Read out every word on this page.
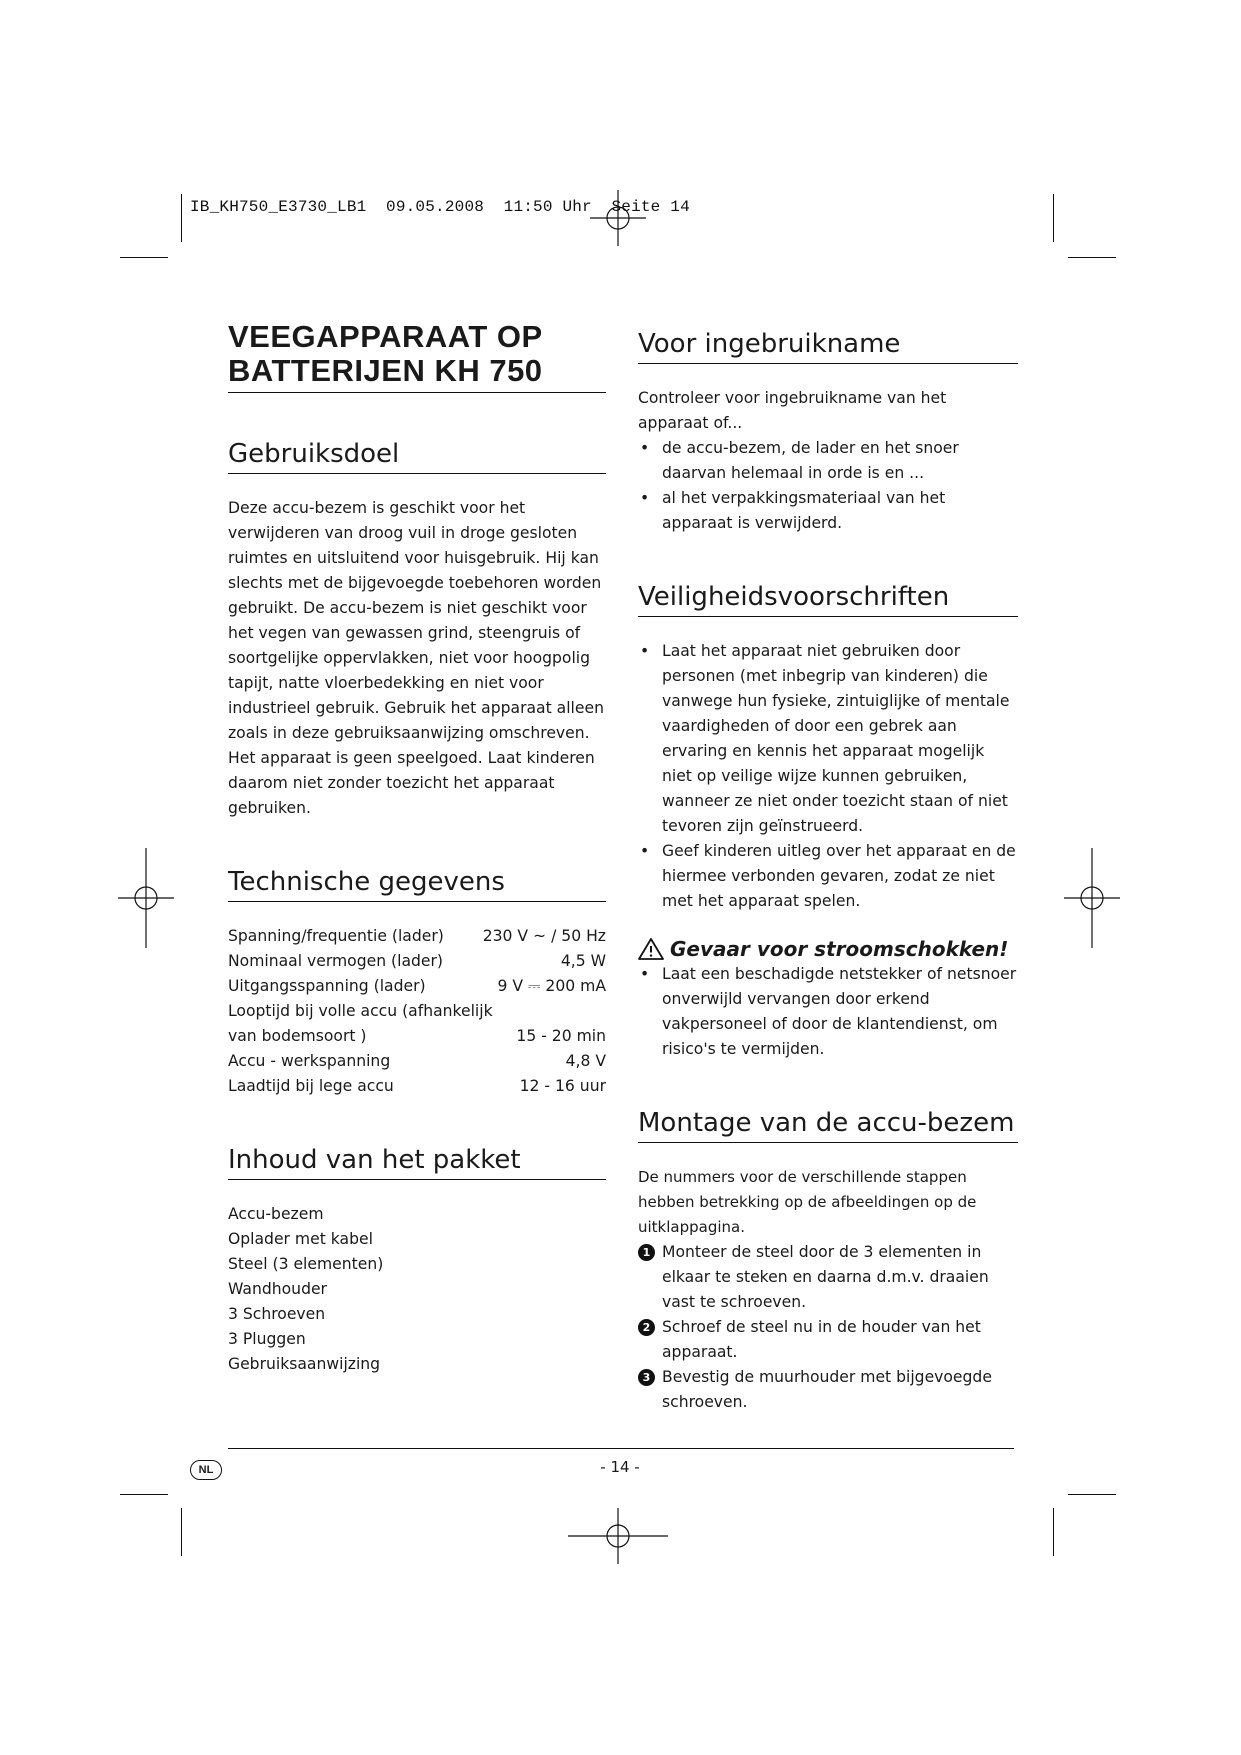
IB_KH750_E3730_LB1  09.05.2008  11:50 Uhr  Seite 14
VEEGAPPARAAT OP
BATTERIJEN KH 750
Gebruiksdoel

Deze accu-bezem is geschikt voor het verwijderen van droog vuil in droge gesloten ruimtes en uitsluitend voor huisgebruik. Hij kan slechts met de bijgevoegde toebehoren worden gebruikt. De accu-bezem is niet geschikt voor het vegen van gewassen grind, steengruis of soortgelijke oppervlakken, niet voor hoogpolig tapijt, natte vloerbedekking en niet voor industrieel gebruik. Gebruik het apparaat alleen zoals in deze gebruiksaanwijzing omschreven. Het apparaat is geen speelgoed. Laat kinderen daarom niet zonder toezicht het apparaat gebruiken.

Technische gegevens
Spanning/frequentie (lader) 230 V ~ / 50 Hz
Nominaal vermogen (lader)	4,5 W
Uitgangsspanning (lader)	9 V ⎓ 200 mA
Looptijd bij volle accu (afhankelijk
van bodemsoort )	15 - 20 min
Accu - werkspanning	4,8 V
Laadtijd bij lege accu	12 - 16 uur
Inhoud van het pakket
Accu-bezem
Oplader met kabel
Steel (3 elementen)
Wandhouder
3 Schroeven
3 Pluggen
Gebruiksaanwijzing
Voor ingebruikname

Controleer voor ingebruikname van het apparaat of...

• de accu-bezem, de lader en het snoer daarvan helemaal in orde is en ...
• al het verpakkingsmateriaal van het apparaat is verwijderd.
Veiligheidsvoorschriften
• Laat het apparaat niet gebruiken door personen (met inbegrip van kinderen) die vanwege hun fysieke, zintuiglijke of mentale vaardigheden of door een gebrek aan ervaring en kennis het apparaat mogelijk niet op veilige wijze kunnen gebruiken, wanneer ze niet onder toezicht staan of niet tevoren zijn geïnstrueerd.
• Geef kinderen uitleg over het apparaat en de hiermee verbonden gevaren, zodat ze niet met het apparaat spelen.
Gevaar voor stroomschokken!
• Laat een beschadigde netstekker of netsnoer onverwijld vervangen door erkend vakpersoneel of door de klantendienst, om risico's te vermijden.
Montage van de accu-bezem

De nummers voor de verschillende stappen hebben betrekking op de afbeeldingen op de uitklappagina.

1 Monteer de steel door de 3 elementen in elkaar te steken en daarna d.m.v. draaien vast te schroeven.
2 Schroef de steel nu in de houder van het apparaat.
3 Bevestig de muurhouder met bijgevoegde schroeven.
NL	- 14 -
